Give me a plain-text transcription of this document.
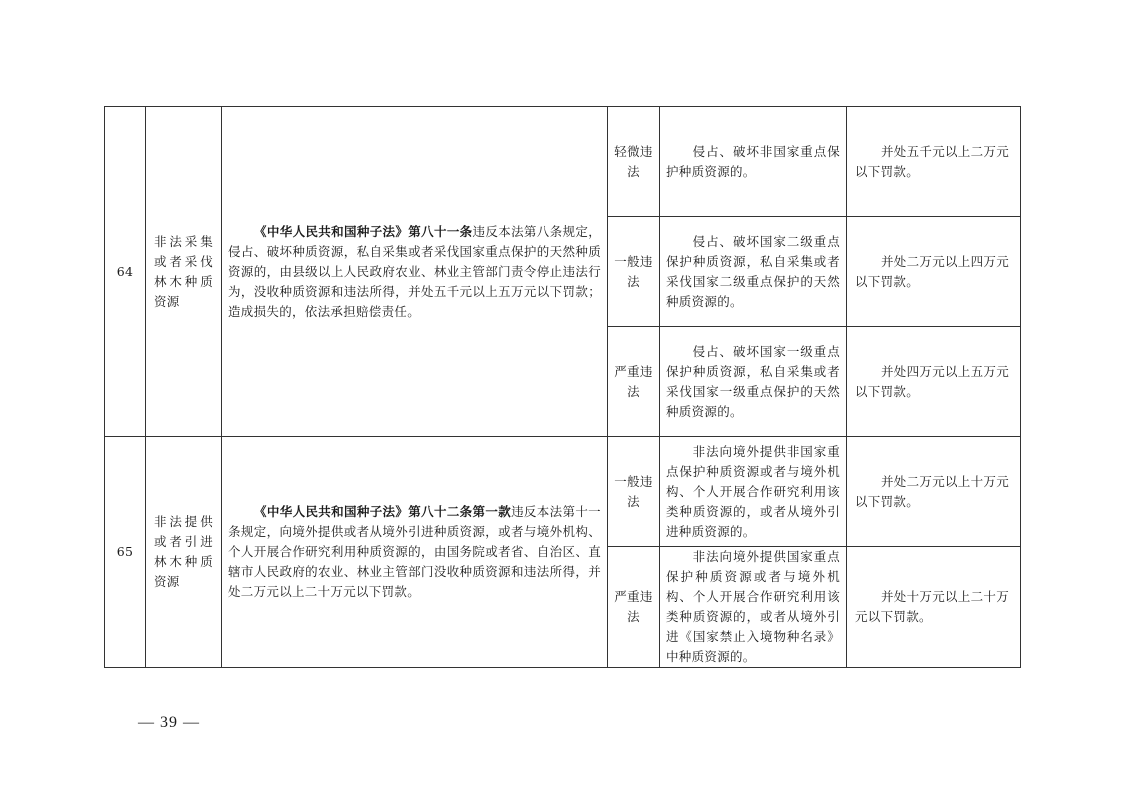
64	非法采集或者采伐林木种质资源	《中华人民共和国种子法》第八十一条违反本法第八条规定，侵占、破坏种质资源，私自采集或者采伐国家重点保护的天然种质资源的，由县级以上人民政府农业、林业主管部门责令停止违法行为，没收种质资源和违法所得，并处五千元以上五万元以下罚款；造成损失的，依法承担赔偿责任。	轻微违法	侵占、破坏非国家重点保护种质资源的。	并处五千元以上二万元以下罚款。
			一般违法	侵占、破坏国家二级重点保护种质资源，私自采集或者采伐国家二级重点保护的天然种质资源的。	并处二万元以上四万元以下罚款。
			严重违法	侵占、破坏国家一级重点保护种质资源，私自采集或者采伐国家一级重点保护的天然种质资源的。	并处四万元以上五万元以下罚款。
65	非法提供或者引进林木种质资源	《中华人民共和国种子法》第八十二条第一款违反本法第十一条规定，向境外提供或者从境外引进种质资源，或者与境外机构、个人开展合作研究利用种质资源的，由国务院或者省、自治区、直辖市人民政府的农业、林业主管部门没收种质资源和违法所得，并处二万元以上二十万元以下罚款。	一般违法	非法向境外提供非国家重点保护种质资源或者与境外机构、个人开展合作研究利用该类种质资源的，或者从境外引进种质资源的。	并处二万元以上十万元以下罚款。
			严重违法	非法向境外提供国家重点保护种质资源或者与境外机构、个人开展合作研究利用该类种质资源的，或者从境外引进《国家禁止入境物种名录》中种质资源的。	并处十万元以上二十万元以下罚款。
— 39 —
